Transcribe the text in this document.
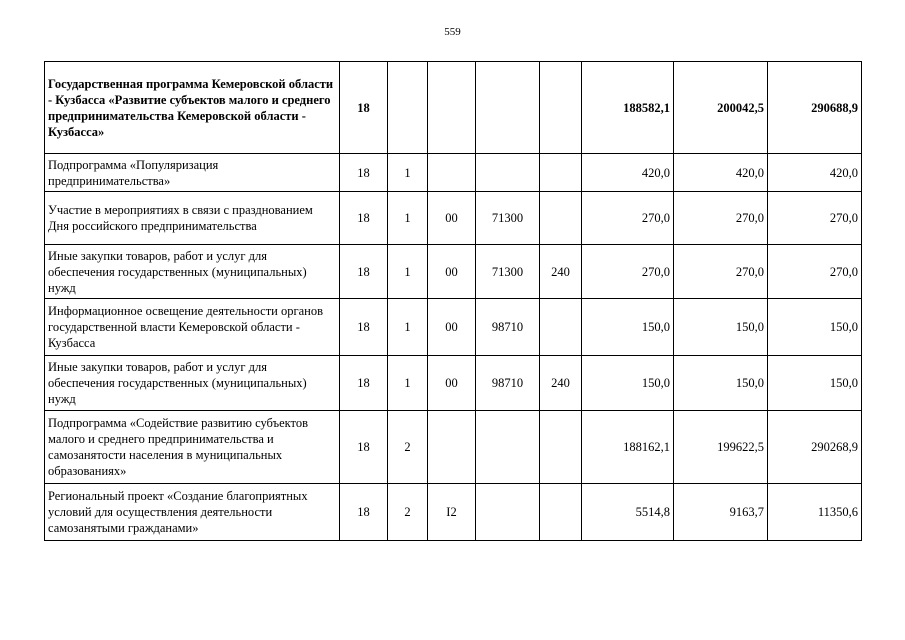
559
Государственная программа Кемеровской области - Кузбасса «Развитие субъектов малого и среднего предпринимательства Кемеровской области - Кузбасса»	18					188582,1	200042,5	290688,9
Подпрограмма «Популяризация предпринимательства»	18	1				420,0	420,0	420,0
Участие в мероприятиях в связи с празднованием Дня российского предпринимательства	18	1	00	71300		270,0	270,0	270,0
Иные закупки товаров, работ и услуг для обеспечения государственных (муниципальных) нужд	18	1	00	71300	240	270,0	270,0	270,0
Информационное освещение деятельности органов государственной власти Кемеровской области - Кузбасса	18	1	00	98710		150,0	150,0	150,0
Иные закупки товаров, работ и услуг для обеспечения государственных (муниципальных) нужд	18	1	00	98710	240	150,0	150,0	150,0
Подпрограмма «Содействие развитию субъектов малого и среднего предпринимательства и самозанятости населения в муниципальных образованиях»	18	2				188162,1	199622,5	290268,9
Региональный проект «Создание благоприятных условий для осуществления деятельности самозанятыми гражданами»	18	2	I2			5514,8	9163,7	11350,6
